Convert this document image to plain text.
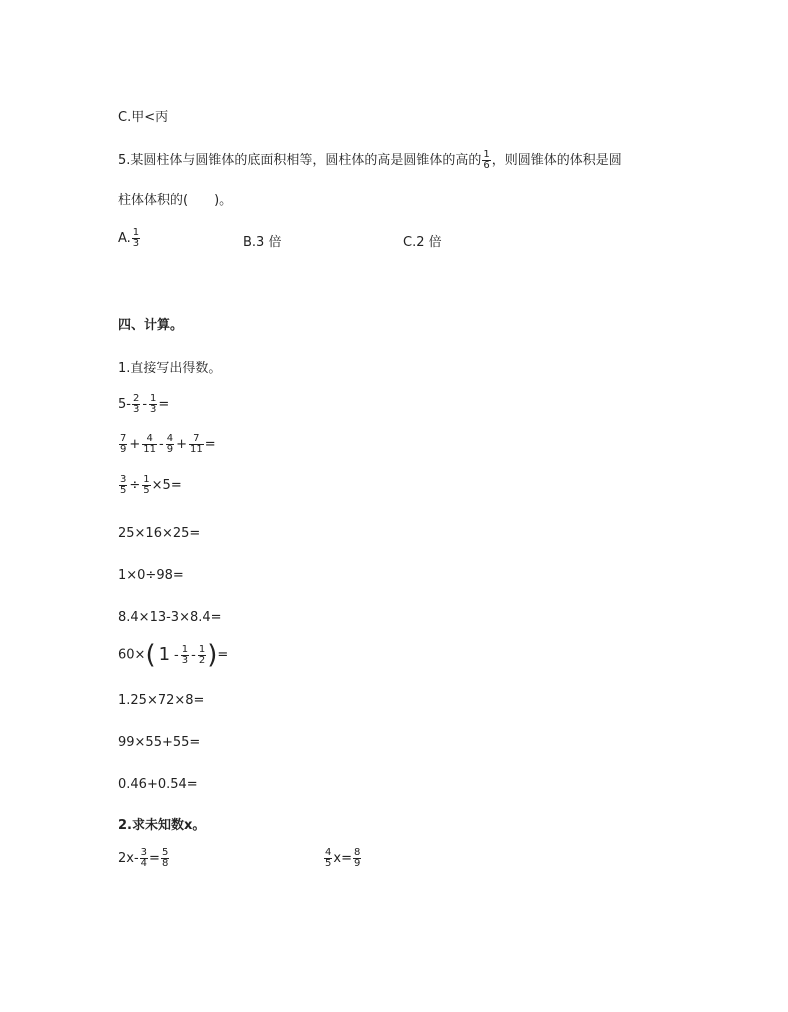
C.甲<丙
5.某圆柱体与圆锥体的底面积相等，圆柱体的高是圆锥体的高的 $\frac{1}{6}$ ，则圆锥体的体积是圆
柱体体积的(　　)。
A. $\frac{1}{3}$	B.3 倍	C.2 倍
四、计算。
1.直接写出得数。
$5- \frac{2}{3} - \frac{1}{3}$ =
$\frac{7}{9} + \frac{4}{11} - \frac{4}{9} + \frac{7}{11}$ =
$\frac{3}{5} \div \frac{1}{5} \times 5=$
25×16×25=
1×0÷98=
8.4×13-3×8.4=
60×( $1 - \frac{1}{3} - \frac{1}{2}$ )=
1.25×72×8=
99×55+55=
0.46+0.54=
2.求未知数x。
$2x- \frac{3}{4} = \frac{5}{8}$	$\frac{4}{5} x= \frac{8}{9}$
